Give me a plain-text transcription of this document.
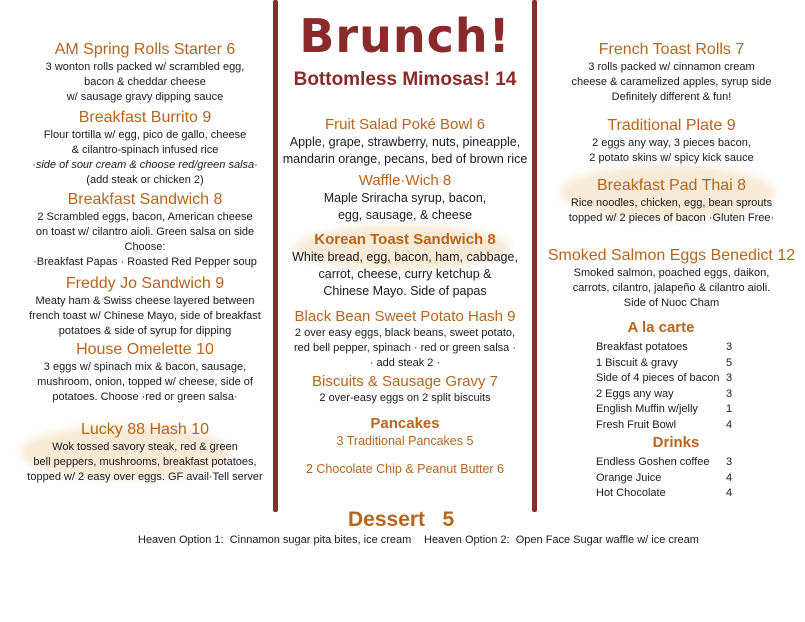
AM Spring Rolls Starter 6

3 wonton rolls packed w/ scrambled egg,

bacon & cheddar cheese

w/ sausage gravy dipping sauce

Breakfast Burrito 9

Flour tortilla w/ egg, pico de gallo, cheese

& cilantro-spinach infused rice

·side of sour cream & choose red/green salsa·

(add steak or chicken 2)

Breakfast Sandwich 8

2 Scrambled eggs, bacon, American cheese

on toast w/ cilantro aioli. Green salsa on side

Choose:

·Breakfast Papas · Roasted Red Pepper soup

Freddy Jo Sandwich 9

Meaty ham & Swiss cheese layered between

french toast w/ Chinese Mayo, side of breakfast

potatoes & side of syrup for dipping

House Omelette 10

3 eggs w/ spinach mix & bacon, sausage,

mushroom, onion, topped w/ cheese, side of

potatoes. Choose ·red or green salsa·

Lucky 88 Hash 10

Wok tossed savory steak, red & green

bell peppers, mushrooms, breakfast potatoes,

topped w/ 2 easy over eggs. GF avail·Tell server

Brunch!
Bottomless Mimosas! 14
Fruit Salad Poké Bowl 6

Apple, grape, strawberry, nuts, pineapple,

mandarin orange, pecans, bed of brown rice

Waffle·Wich 8

Maple Sriracha syrup, bacon,

egg, sausage, & cheese

Korean Toast Sandwich 8

White bread, egg, bacon, ham, cabbage,

carrot, cheese, curry ketchup &

Chinese Mayo. Side of papas

Black Bean Sweet Potato Hash 9

2 over easy eggs, black beans, sweet potato,

red bell pepper, spinach · red or green salsa ·

· add steak 2 ·

Biscuits & Sausage Gravy 7

2 over-easy eggs on 2 split biscuits

Pancakes

3 Traditional Pancakes 5

2 Chocolate Chip & Peanut Butter 6

French Toast Rolls 7

3 rolls packed w/ cinnamon cream

cheese & caramelized apples, syrup side

Definitely different & fun!

Traditional Plate 9

2 eggs any way, 3 pieces bacon,

2 potato skins w/ spicy kick sauce

Breakfast Pad Thai 8

Rice noodles, chicken, egg, bean sprouts

topped w/ 2 pieces of bacon ·Gluten Free·

Smoked Salmon Eggs Benedict 12

Smoked salmon, poached eggs, daikon,

carrots, cilantro, jalapeño & cilantro aioli.

Side of Nuoc Cham

A la carte
Breakfast potatoes	3
1 Biscuit & gravy	5
Side of 4 pieces of bacon 3
2 Eggs any way	3
English Muffin w/jelly	1
Fresh Fruit Bowl	4
Drinks
Endless Goshen coffee	3
Orange Juice	4
Hot Chocolate	4
Dessert   5
Heaven Option 1:  Cinnamon sugar pita bites, ice cream Heaven Option 2:  Open Face Sugar waffle w/ ice cream
